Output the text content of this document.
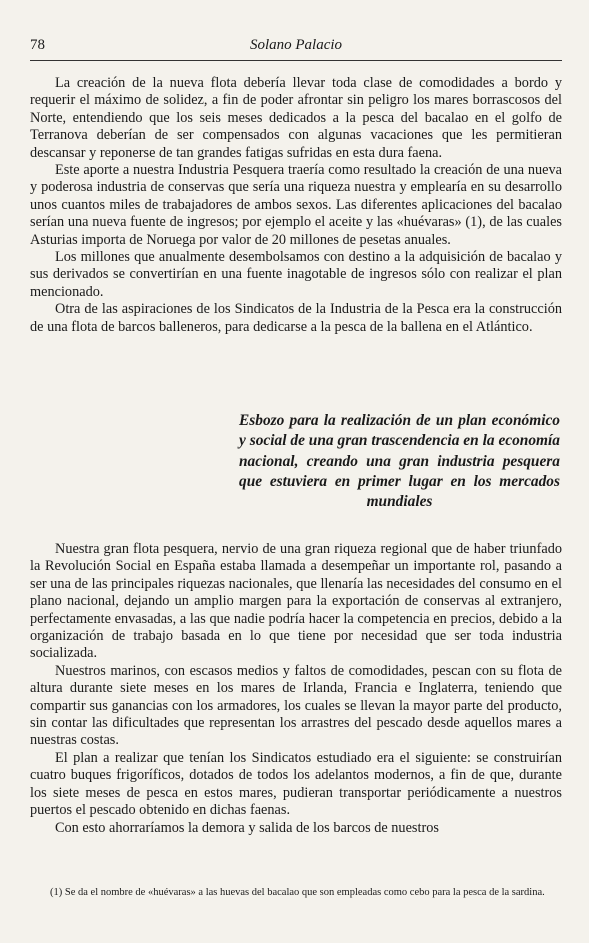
78	Solano Palacio

La creación de la nueva flota debería llevar toda clase de comodidades a bordo y requerir el máximo de solidez, a fin de poder afrontar sin peligro los mares borrascosos del Norte, entendiendo que los seis meses dedicados a la pesca del bacalao en el golfo de Terranova deberían de ser compensados con algunas vacaciones que les permitieran descansar y reponerse de tan grandes fatigas sufridas en esta dura faena.

Este aporte a nuestra Industria Pesquera traería como resultado la creación de una nueva y poderosa industria de conservas que sería una riqueza nuestra y emplearía en su desarrollo unos cuantos miles de trabajadores de ambos sexos. Las diferentes aplicaciones del bacalao serían una nueva fuente de ingresos; por ejemplo el aceite y las «huévaras» (1), de las cuales Asturias importa de Noruega por valor de 20 millones de pesetas anuales.

Los millones que anualmente desembolsamos con destino a la adquisición de bacalao y sus derivados se convertirían en una fuente inagotable de ingresos sólo con realizar el plan mencionado.

Otra de las aspiraciones de los Sindicatos de la Industria de la Pesca era la construcción de una flota de barcos balleneros, para dedicarse a la pesca de la ballena en el Atlántico.

Esbozo para la realización de un plan económico y social de una gran trascendencia en la economía nacional, creando una gran industria pesquera que estuviera en primer lugar en los mercados mundiales

Nuestra gran flota pesquera, nervio de una gran riqueza regional que de haber triunfado la Revolución Social en España estaba llamada a desempeñar un importante rol, pasando a ser una de las principales riquezas nacionales, que llenaría las necesidades del consumo en el plano nacional, dejando un amplio margen para la exportación de conservas al extranjero, perfectamente envasadas, a las que nadie podría hacer la competencia en precios, debido a la organización de trabajo basada en lo que tiene por necesidad que ser toda industria socializada.

Nuestros marinos, con escasos medios y faltos de comodidades, pescan con su flota de altura durante siete meses en los mares de Irlanda, Francia e Inglaterra, teniendo que compartir sus ganancias con los armadores, los cuales se llevan la mayor parte del producto, sin contar las dificultades que representan los arrastres del pescado desde aquellos mares a nuestras costas.

El plan a realizar que tenían los Sindicatos estudiado era el siguiente: se construirían cuatro buques frigoríficos, dotados de todos los adelantos modernos, a fin de que, durante los siete meses de pesca en estos mares, pudieran transportar periódicamente a nuestros puertos el pescado obtenido en dichas faenas.

Con esto ahorraríamos la demora y salida de los barcos de nuestros

(1) Se da el nombre de «huévaras» a las huevas del bacalao que son empleadas como cebo para la pesca de la sardina.
